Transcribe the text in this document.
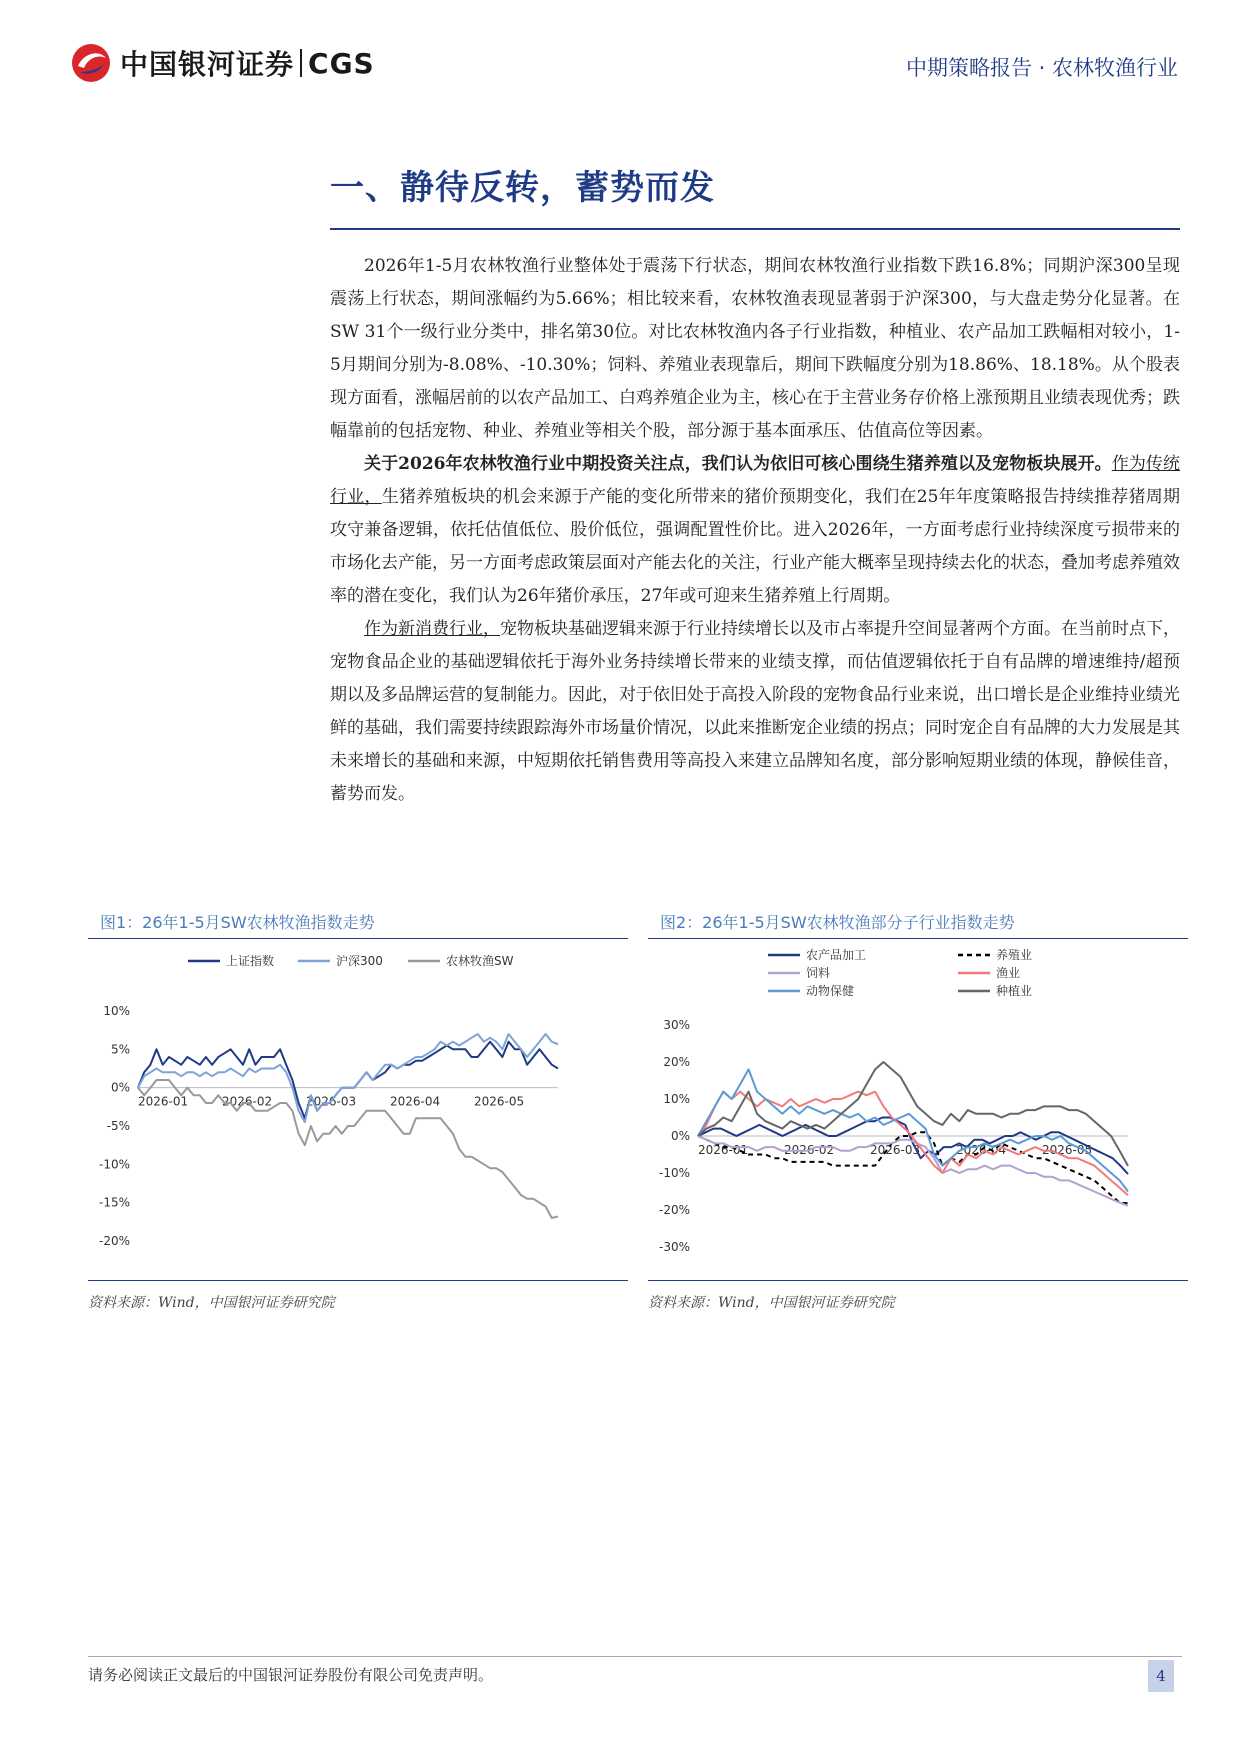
中国银河证券 CGS	中期策略报告 · 农林牧渔行业
一、静待反转，蓄势而发

2026年1-5月农林牧渔行业整体处于震荡下行状态，期间农林牧渔行业指数下跌16.8%；同期沪深300呈现震荡上行状态，期间涨幅约为5.66%；相比较来看，农林牧渔表现显著弱于沪深300，与大盘走势分化显著。在SW 31个一级行业分类中，排名第30位。对比农林牧渔内各子行业指数，种植业、农产品加工跌幅相对较小，1-5月期间分别为-8.08%、-10.30%；饲料、养殖业表现靠后，期间下跌幅度分别为18.86%、18.18%。从个股表现方面看，涨幅居前的以农产品加工、白鸡养殖企业为主，核心在于主营业务存价格上涨预期且业绩表现优秀；跌幅靠前的包括宠物、种业、养殖业等相关个股，部分源于基本面承压、估值高位等因素。

关于2026年农林牧渔行业中期投资关注点，我们认为依旧可核心围绕生猪养殖以及宠物板块展开。作为传统行业，生猪养殖板块的机会来源于产能的变化所带来的猪价预期变化，我们在25年年度策略报告持续推荐猪周期攻守兼备逻辑，依托估值低位、股价低位，强调配置性价比。进入2026年，一方面考虑行业持续深度亏损带来的市场化去产能，另一方面考虑政策层面对产能去化的关注，行业产能大概率呈现持续去化的状态，叠加考虑养殖效率的潜在变化，我们认为26年猪价承压，27年或可迎来生猪养殖上行周期。

作为新消费行业，宠物板块基础逻辑来源于行业持续增长以及市占率提升空间显著两个方面。在当前时点下，宠物食品企业的基础逻辑依托于海外业务持续增长带来的业绩支撑，而估值逻辑依托于自有品牌的增速维持/超预期以及多品牌运营的复制能力。因此，对于依旧处于高投入阶段的宠物食品行业来说，出口增长是企业维持业绩光鲜的基础，我们需要持续跟踪海外市场量价情况，以此来推断宠企业绩的拐点；同时宠企自有品牌的大力发展是其未来增长的基础和来源，中短期依托销售费用等高投入来建立品牌知名度，部分影响短期业绩的体现，静候佳音，蓄势而发。

图1：26年1-5月SW农林牧渔指数走势
10%
5%
0%
-5%
-10%
-15%
-20%
2026-01	2026-02	2026-03	2026-04	2026-05
上证指数	沪深300	农林牧渔SW
资料来源：Wind，中国银河证券研究院
图2：26年1-5月SW农林牧渔部分子行业指数走势
30%
20%
10%
0%
-10%
-20%
-30%
2026-01	2026-02	2026-03	2026-04	2026-05
农产品加工	养殖业
饲料	渔业
动物保健	种植业
资料来源：Wind，中国银河证券研究院
请务必阅读正文最后的中国银河证券股份有限公司免责声明。	4
